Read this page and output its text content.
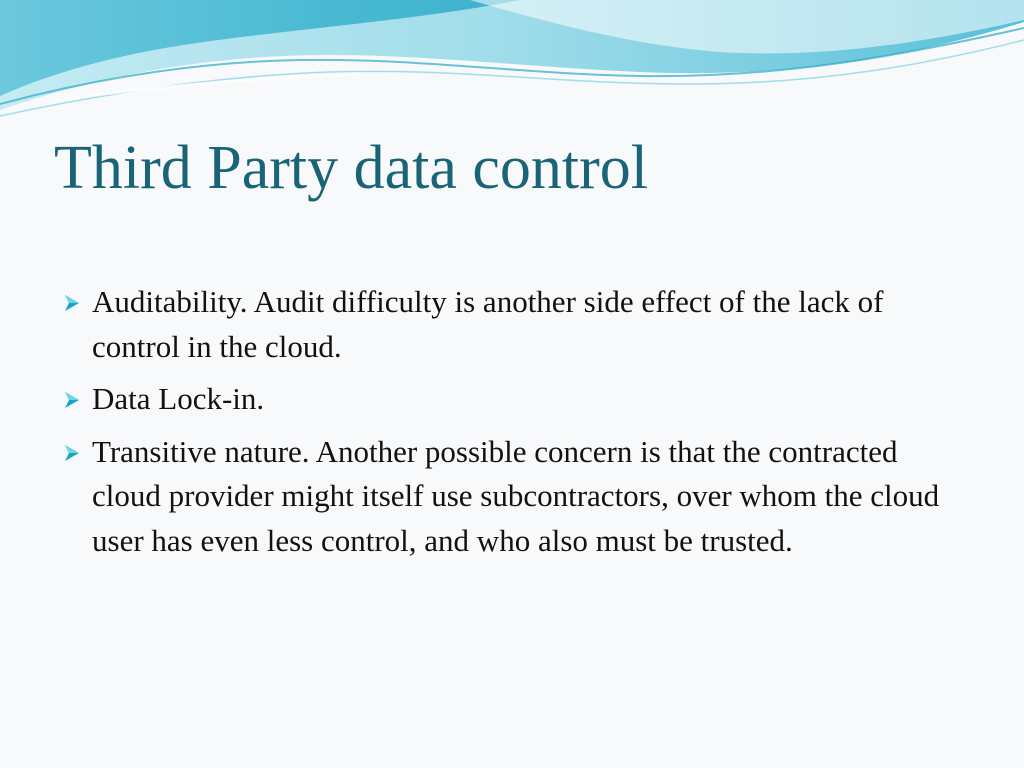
Third Party data control
Auditability. Audit difficulty is another side effect of the lack of control in the cloud.
Data Lock-in.
Transitive nature. Another possible concern is that the contracted cloud provider might itself use subcontractors, over whom the cloud user has even less control, and who also must be trusted.
